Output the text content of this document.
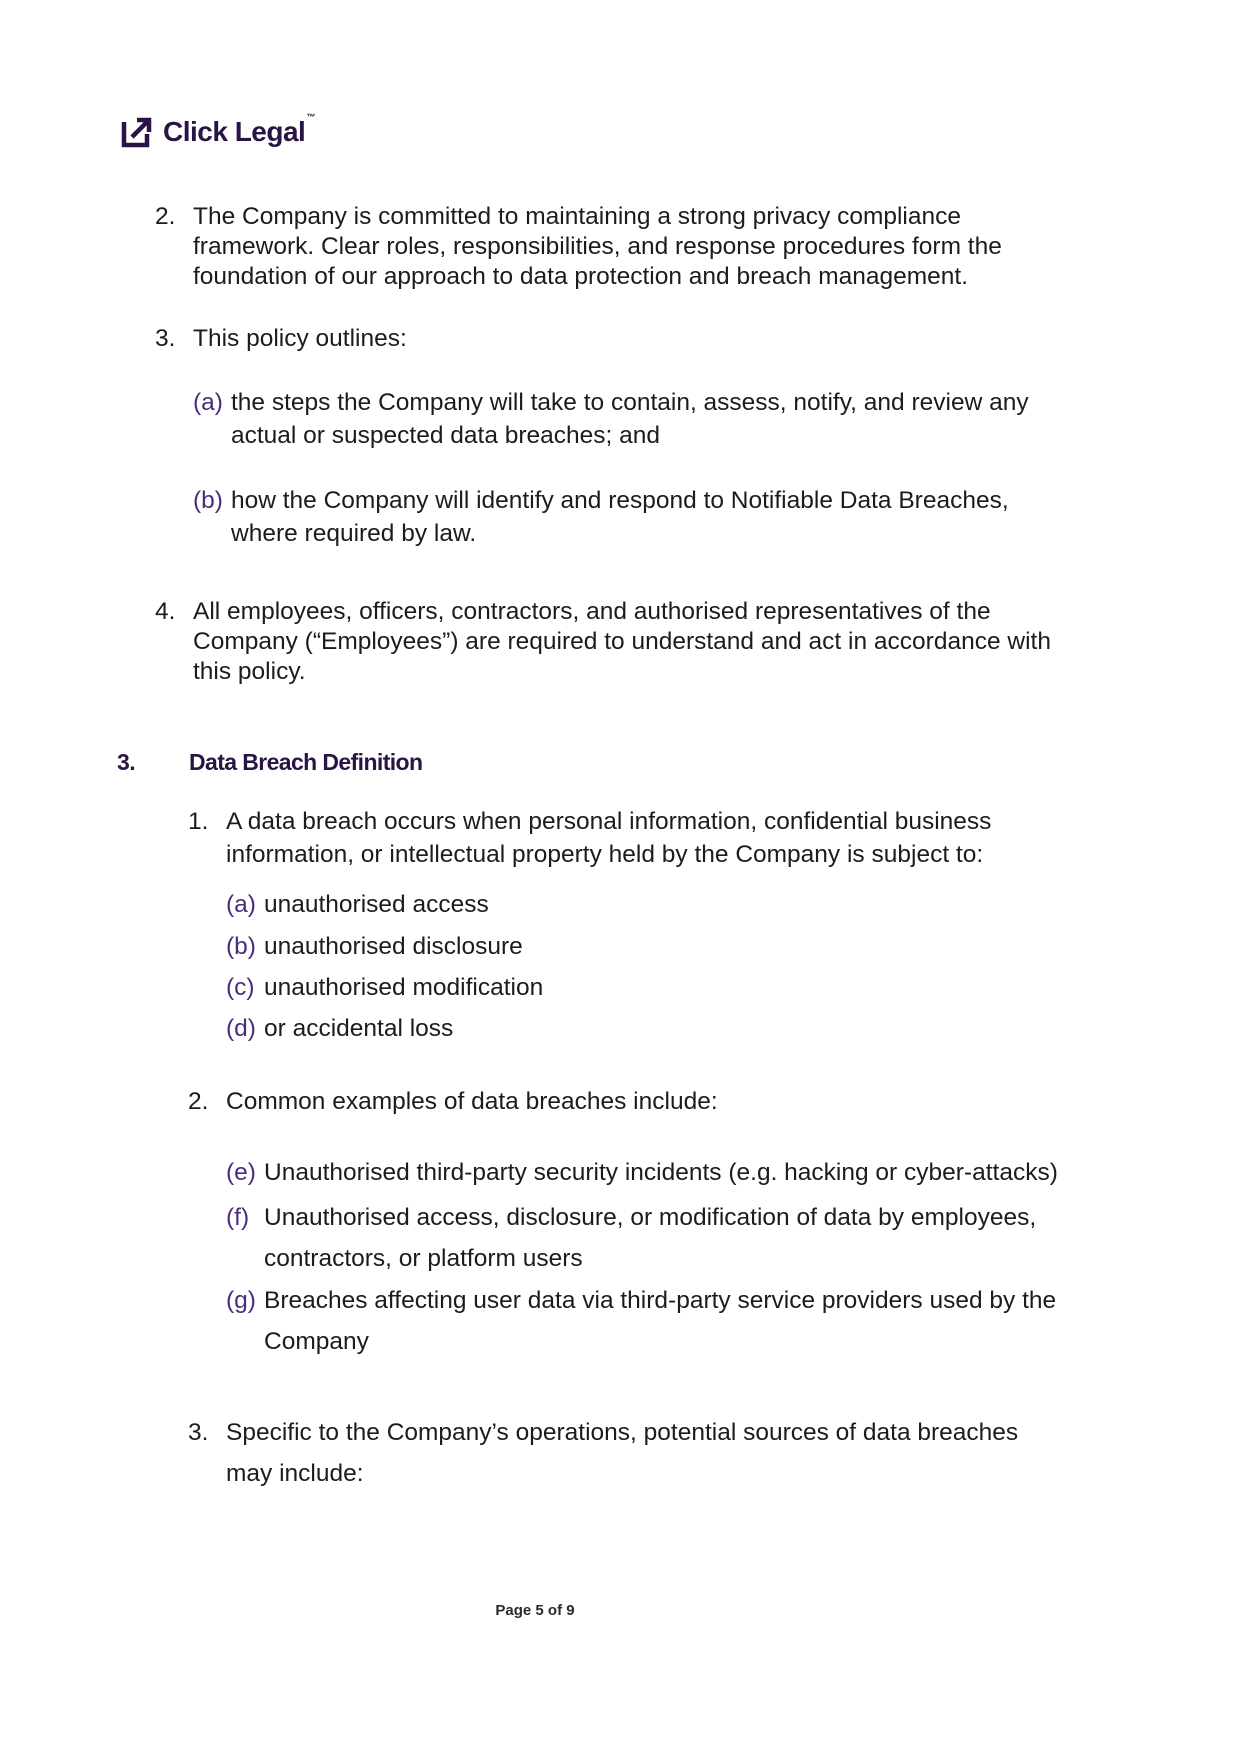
Click Legal™
2. The Company is committed to maintaining a strong privacy compliance
framework. Clear roles, responsibilities, and response procedures form the
foundation of our approach to data protection and breach management.
3. This policy outlines:
(a) the steps the Company will take to contain, assess, notify, and review any
actual or suspected data breaches; and
(b) how the Company will identify and respond to Notifiable Data Breaches,
where required by law.
4. All employees, officers, contractors, and authorised representatives of the
Company (“Employees”) are required to understand and act in accordance with
this policy.
3. Data Breach Definition
1. A data breach occurs when personal information, confidential business
information, or intellectual property held by the Company is subject to:
(a) unauthorised access
(b) unauthorised disclosure
(c) unauthorised modification
(d) or accidental loss
2. Common examples of data breaches include:
(e) Unauthorised third-party security incidents (e.g. hacking or cyber-attacks)
(f) Unauthorised access, disclosure, or modification of data by employees,
contractors, or platform users
(g) Breaches affecting user data via third-party service providers used by the
Company
3. Specific to the Company’s operations, potential sources of data breaches
may include:
Page 5 of 9
